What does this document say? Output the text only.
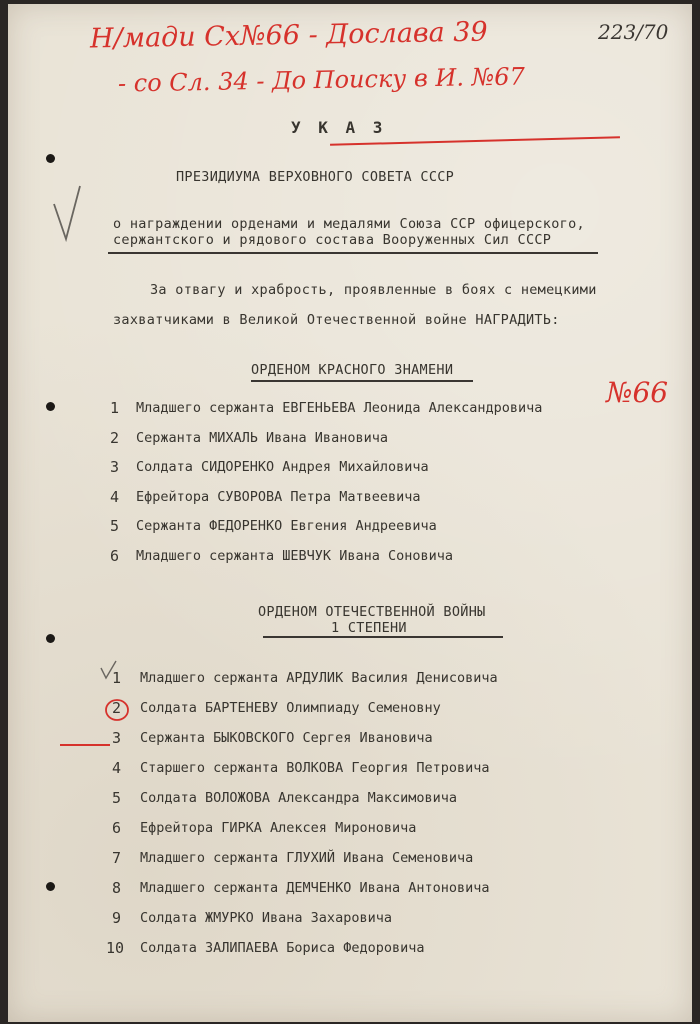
Н/мади Сх№66 - Дослава 39
- со Сл. 34 - До Поиску в И. №67
223/70
У К А З
ПРЕЗИДИУМА ВЕРХОВНОГО СОВЕТА СССР
о награждении орденами и медалями Союза ССР офицерского,
сержантского и рядового состава Вооруженных Сил СССР
За отвагу и храбрость, проявленные в боях с немецкими
захватчиками в Великой Отечественной войне НАГРАДИТЬ:
ОРДЕНОМ КРАСНОГО ЗНАМЕНИ
№66
1 Младшего сержанта ЕВГЕНЬЕВА Леонида Александровича
2 Сержанта МИХАЛЬ Ивана Ивановича
3 Солдата СИДОРЕНКО Андрея Михайловича
4 Ефрейтора СУВОРОВА Петра Матвеевича
5 Сержанта ФЕДОРЕНКО Евгения Андреевича
6 Младшего сержанта ШЕВЧУК Ивана Соновича
ОРДЕНОМ ОТЕЧЕСТВЕННОЙ ВОЙНЫ
1 СТЕПЕНИ
1 Младшего сержанта АРДУЛИК Василия Денисовича
2 Солдата БАРТЕНЕВУ Олимпиаду Семеновну
3 Сержанта БЫКОВСКОГО Сергея Ивановича
4 Старшего сержанта ВОЛКОВА Георгия Петровича
5 Солдата ВОЛОЖОВА Александра Максимовича
6 Ефрейтора ГИРКА Алексея Мироновича
7 Младшего сержанта ГЛУХИЙ Ивана Семеновича
8 Младшего сержанта ДЕМЧЕНКО Ивана Антоновича
9 Солдата ЖМУРКО Ивана Захаровича
10 Солдата ЗАЛИПАЕВА Бориса Федоровича
